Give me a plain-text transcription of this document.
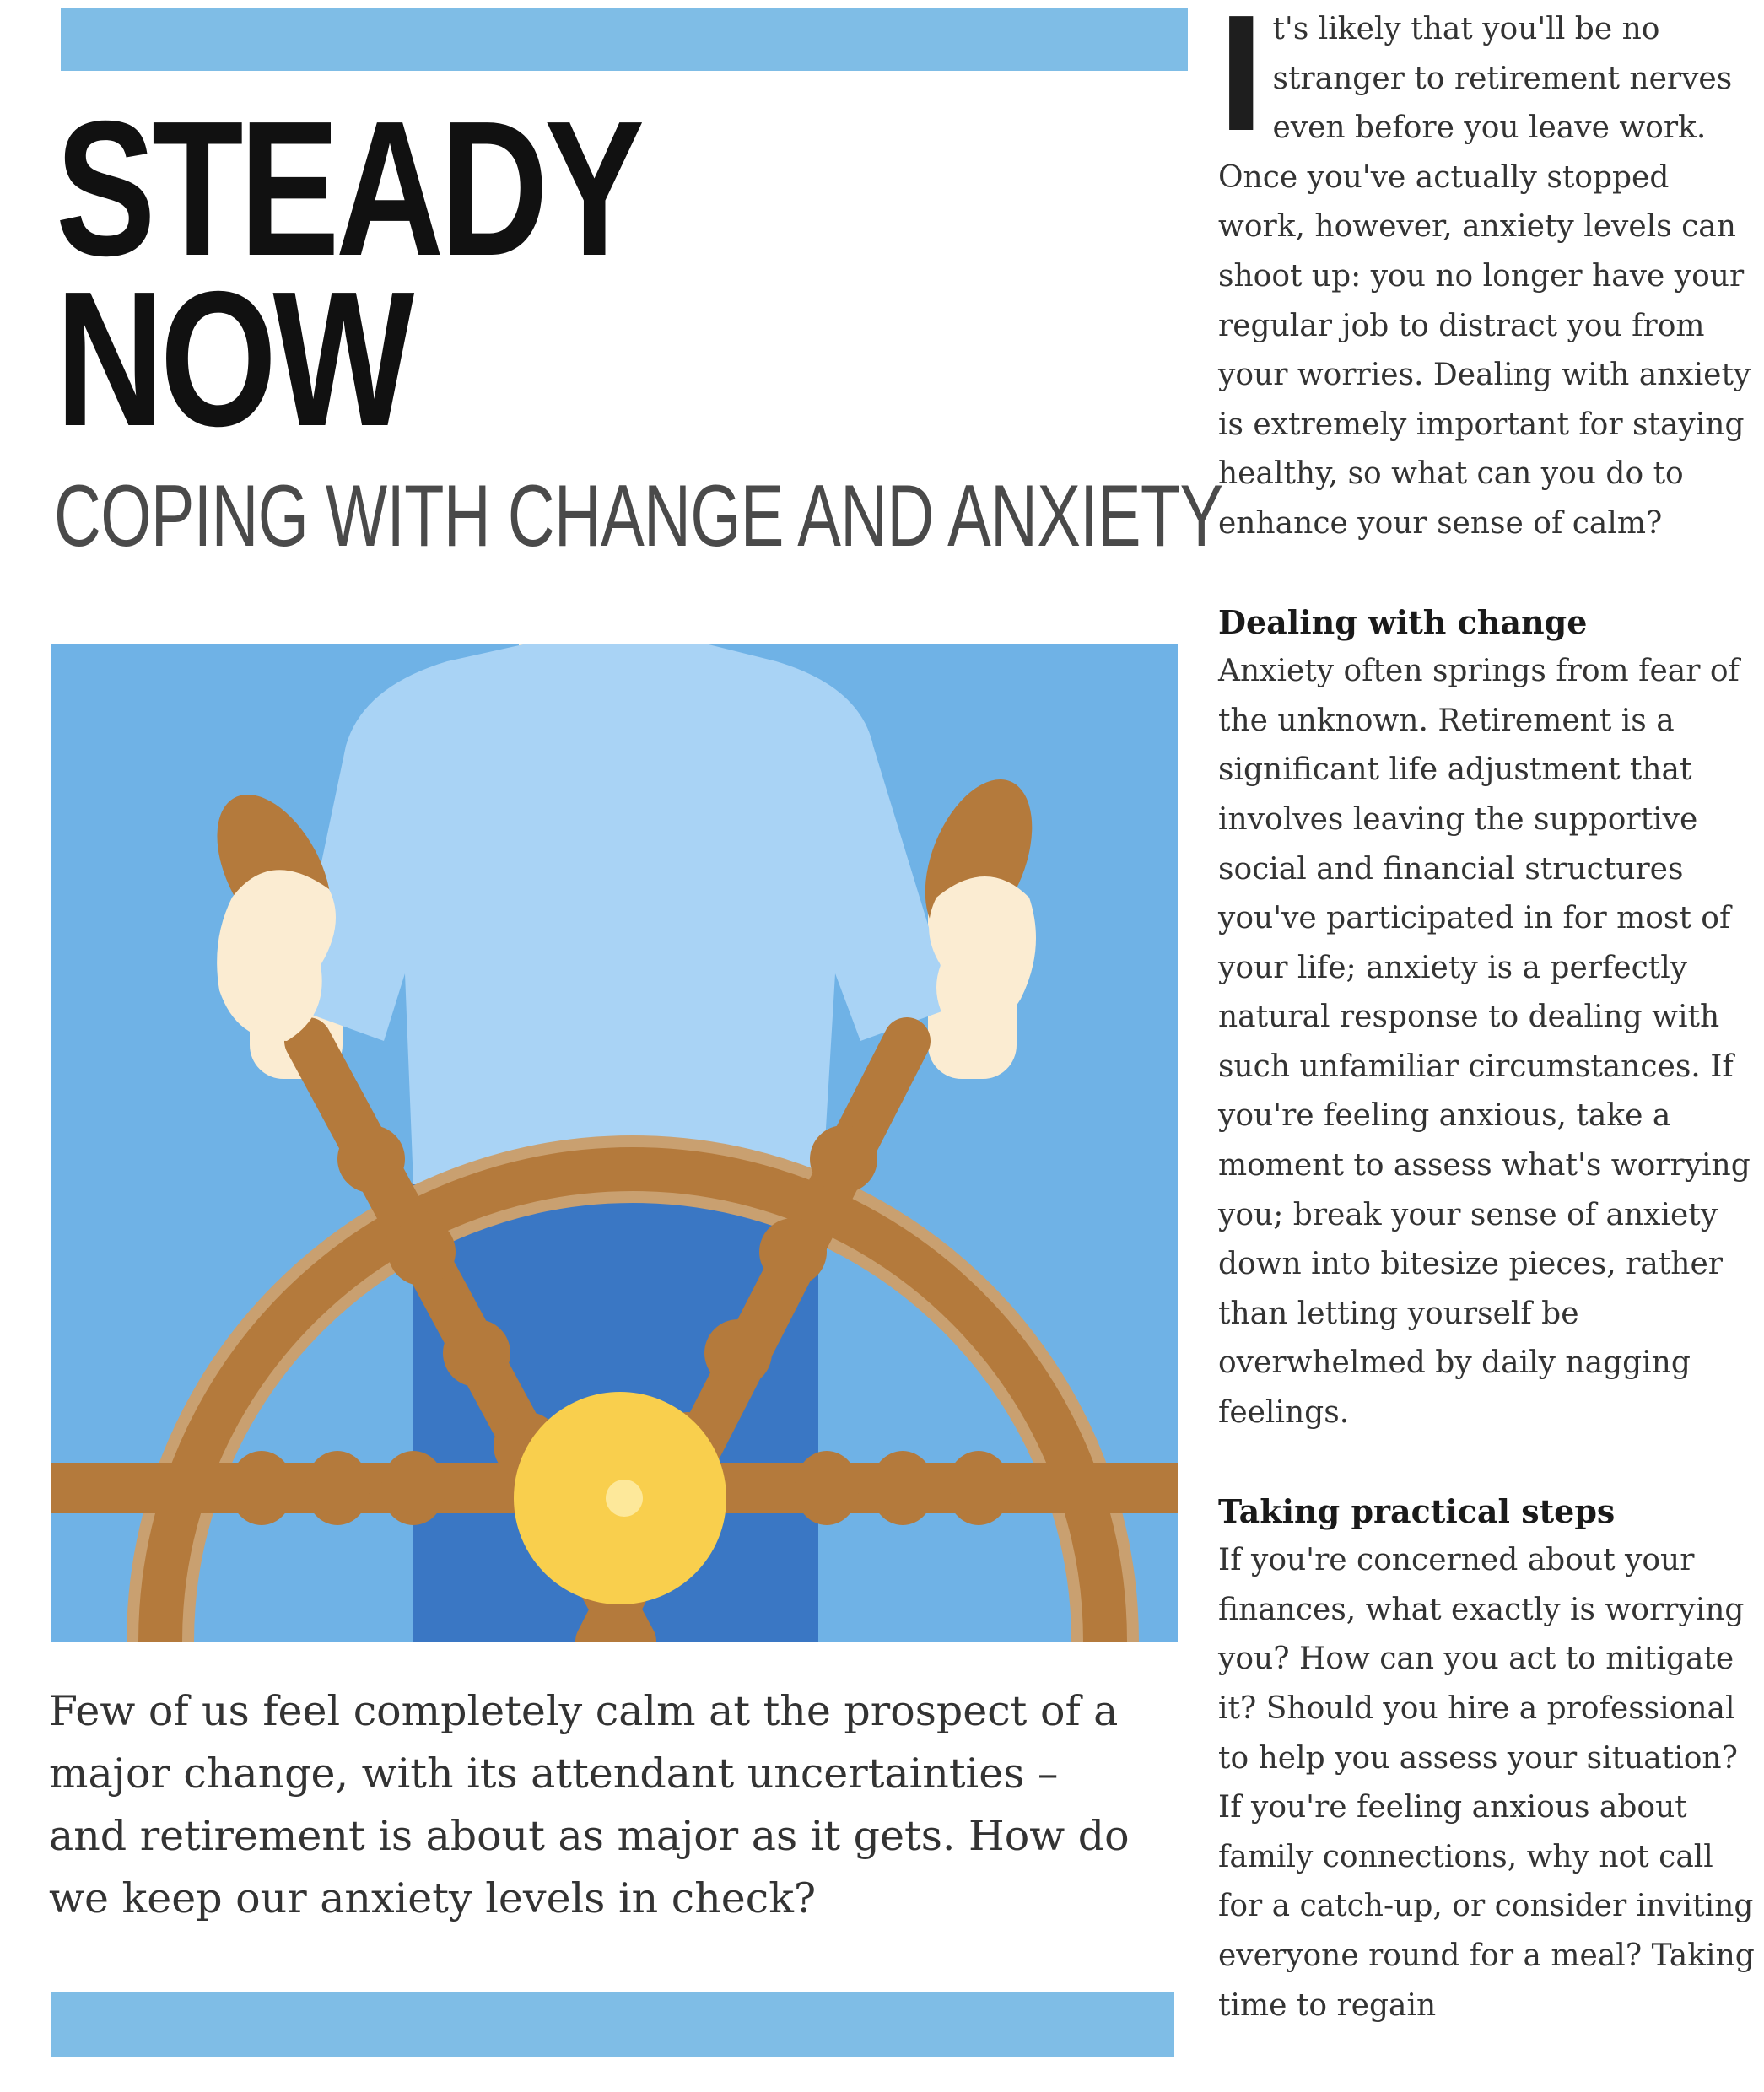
STEADY
NOW
COPING WITH CHANGE AND ANXIETY

Few of us feel completely calm at the prospect of a major change, with its attendant uncertainties – and retirement is about as major as it gets. How do we keep our anxiety levels in check?

It's likely that you'll be no stranger to retirement nerves even before you leave work. Once you've actually stopped work, however, anxiety levels can shoot up: you no longer have your regular job to distract you from your worries. Dealing with anxiety is extremely important for staying healthy, so what can you do to enhance your sense of calm?

Dealing with change

Anxiety often springs from fear of the unknown. Retirement is a significant life adjustment that involves leaving the supportive social and financial structures you've participated in for most of your life; anxiety is a perfectly natural response to dealing with such unfamiliar circumstances. If you're feeling anxious, take a moment to assess what's worrying you; break your sense of anxiety down into bitesize pieces, rather than letting yourself be overwhelmed by daily nagging feelings.

Taking practical steps

If you're concerned about your finances, what exactly is worrying you? How can you act to mitigate it? Should you hire a professional to help you assess your situation? If you're feeling anxious about family connections, why not call for a catch-up, or consider inviting everyone round for a meal? Taking time to regain
